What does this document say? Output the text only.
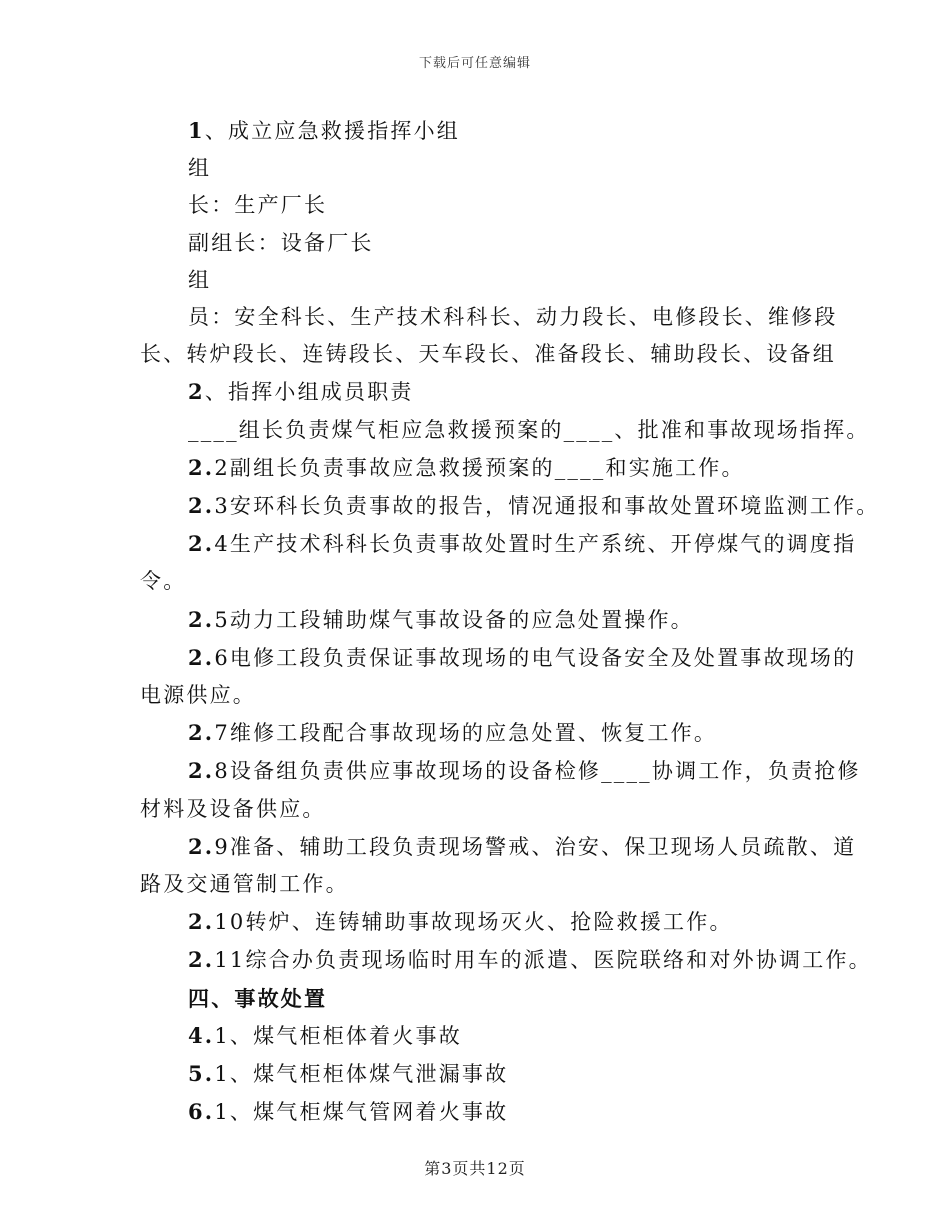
下载后可任意编辑
1、成立应急救援指挥小组
组
长：生产厂长
副组长：设备厂长
组
员：安全科长、生产技术科科长、动力段长、电修段长、维修段
长、转炉段长、连铸段长、天车段长、准备段长、辅助段长、设备组
2、指挥小组成员职责
____组长负责煤气柜应急救援预案的____、批准和事故现场指挥。
2.2副组长负责事故应急救援预案的____和实施工作。
2.3安环科长负责事故的报告，情况通报和事故处置环境监测工作。
2.4生产技术科科长负责事故处置时生产系统、开停煤气的调度指
令。
2.5动力工段辅助煤气事故设备的应急处置操作。
2.6电修工段负责保证事故现场的电气设备安全及处置事故现场的
电源供应。
2.7维修工段配合事故现场的应急处置、恢复工作。
2.8设备组负责供应事故现场的设备检修____协调工作，负责抢修
材料及设备供应。
2.9准备、辅助工段负责现场警戒、治安、保卫现场人员疏散、道
路及交通管制工作。
2.10转炉、连铸辅助事故现场灭火、抢险救援工作。
2.11综合办负责现场临时用车的派遣、医院联络和对外协调工作。
四、事故处置
4.1、煤气柜柜体着火事故
5.1、煤气柜柜体煤气泄漏事故
6.1、煤气柜煤气管网着火事故
第3页共12页
